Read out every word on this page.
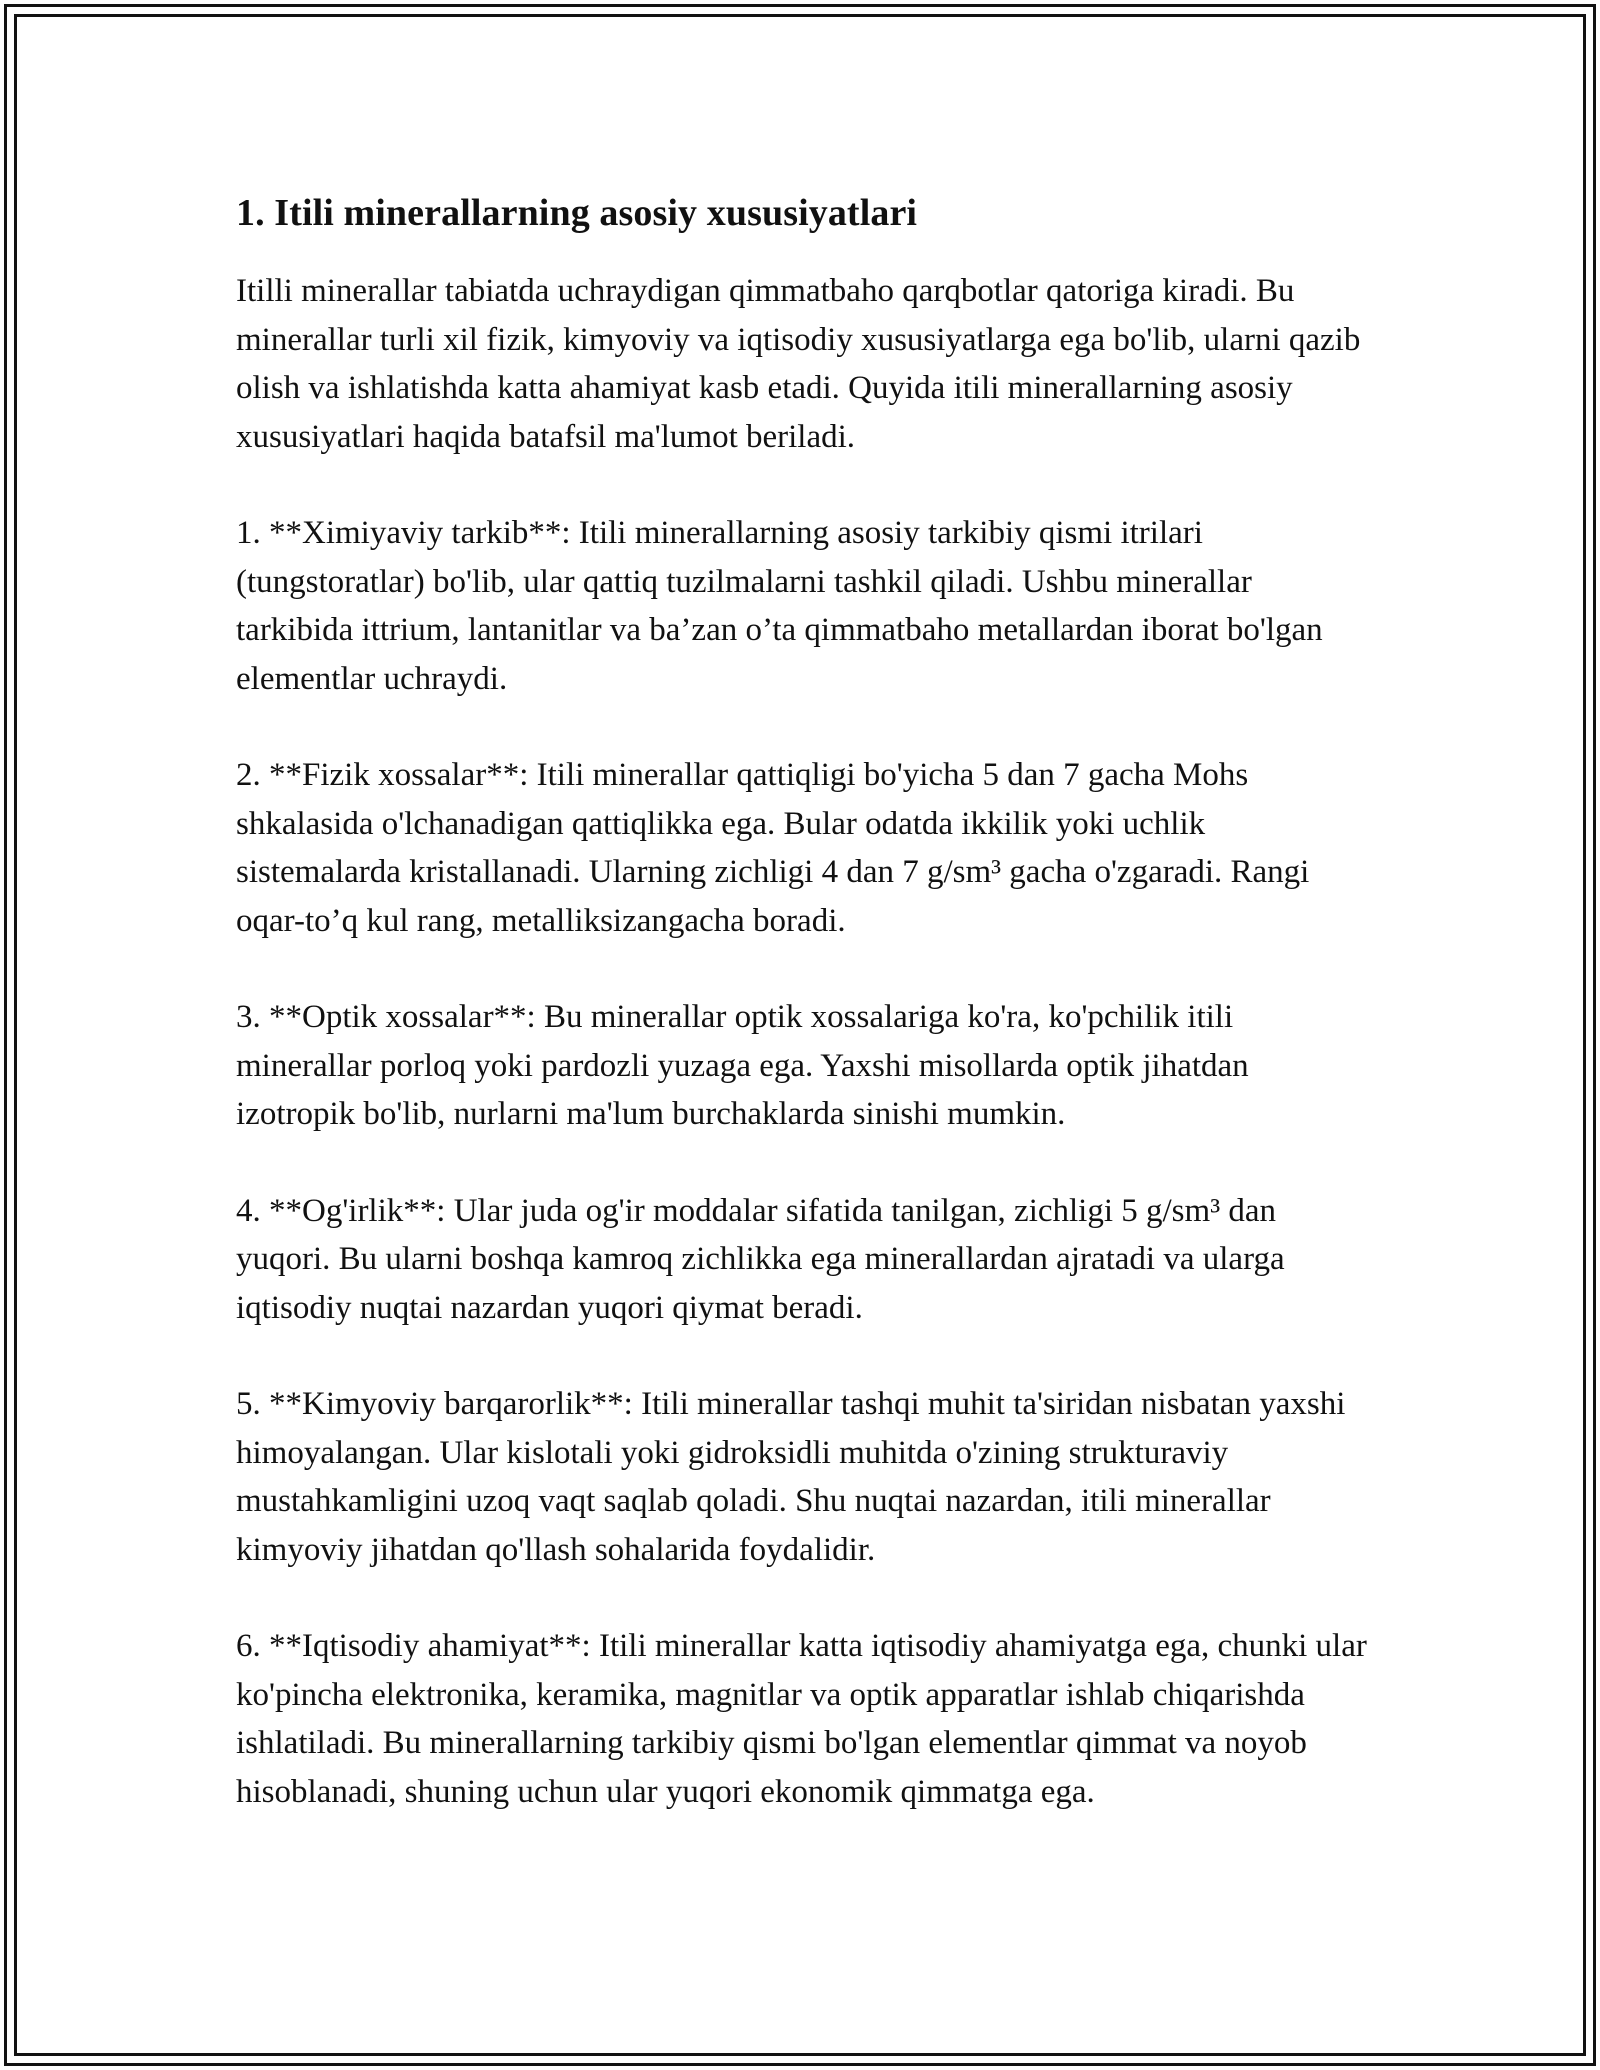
1. Itili minerallarning asosiy xususiyatlari

Itilli minerallar tabiatda uchraydigan qimmatbaho qarqbotlar qatoriga kiradi. Bu minerallar turli xil fizik, kimyoviy va iqtisodiy xususiyatlarga ega bo'lib, ularni qazib olish va ishlatishda katta ahamiyat kasb etadi. Quyida itili minerallarning asosiy xususiyatlari haqida batafsil ma'lumot beriladi.

1. **Ximiyaviy tarkib**: Itili minerallarning asosiy tarkibiy qismi itrilari (tungstoratlar) bo'lib, ular qattiq tuzilmalarni tashkil qiladi. Ushbu minerallar tarkibida ittrium, lantanitlar va ba’zan o’ta qimmatbaho metallardan iborat bo'lgan elementlar uchraydi.

2. **Fizik xossalar**: Itili minerallar qattiqligi bo'yicha 5 dan 7 gacha Mohs shkalasida o'lchanadigan qattiqlikka ega. Bular odatda ikkilik yoki uchlik sistemalarda kristallanadi. Ularning zichligi 4 dan 7 g/sm³ gacha o'zgaradi. Rangi oqar-to’q kul rang, metalliksizangacha boradi.

3. **Optik xossalar**: Bu minerallar optik xossalariga ko'ra, ko'pchilik itili minerallar porloq yoki pardozli yuzaga ega. Yaxshi misollarda optik jihatdan izotropik bo'lib, nurlarni ma'lum burchaklarda sinishi mumkin.

4. **Og'irlik**: Ular juda og'ir moddalar sifatida tanilgan, zichligi 5 g/sm³ dan yuqori. Bu ularni boshqa kamroq zichlikka ega minerallardan ajratadi va ularga iqtisodiy nuqtai nazardan yuqori qiymat beradi.

5. **Kimyoviy barqarorlik**: Itili minerallar tashqi muhit ta'siridan nisbatan yaxshi himoyalangan. Ular kislotali yoki gidroksidli muhitda o'zining strukturaviy mustahkamligini uzoq vaqt saqlab qoladi. Shu nuqtai nazardan, itili minerallar kimyoviy jihatdan qo'llash sohalarida foydalidir.

6. **Iqtisodiy ahamiyat**: Itili minerallar katta iqtisodiy ahamiyatga ega, chunki ular ko'pincha elektronika, keramika, magnitlar va optik apparatlar ishlab chiqarishda ishlatiladi. Bu minerallarning tarkibiy qismi bo'lgan elementlar qimmat va noyob hisoblanadi, shuning uchun ular yuqori ekonomik qimmatga ega.
